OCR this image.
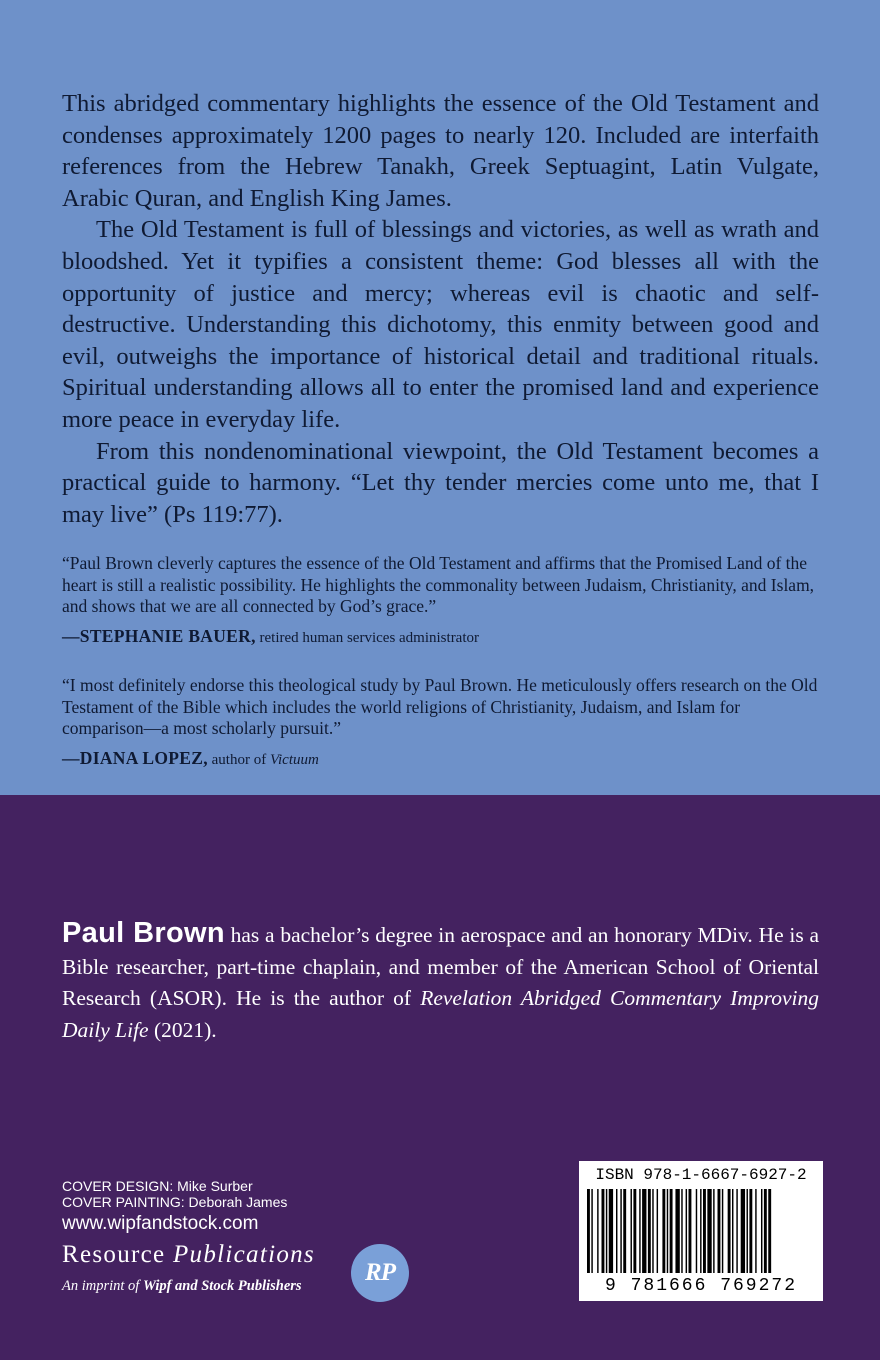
This abridged commentary highlights the essence of the Old Testament and condenses approximately 1200 pages to nearly 120. Included are interfaith references from the Hebrew Tanakh, Greek Septuagint, Latin Vulgate, Arabic Quran, and English King James.

The Old Testament is full of blessings and victories, as well as wrath and bloodshed. Yet it typifies a consistent theme: God blesses all with the opportunity of justice and mercy; whereas evil is chaotic and self-destructive. Understanding this dichotomy, this enmity between good and evil, outweighs the importance of historical detail and traditional rituals. Spiritual understanding allows all to enter the promised land and experience more peace in everyday life.

From this nondenominational viewpoint, the Old Testament becomes a practical guide to harmony. “Let thy tender mercies come unto me, that I may live” (Ps 119:77).

“Paul Brown cleverly captures the essence of the Old Testament and affirms that the Promised Land of the heart is still a realistic possibility. He highlights the commonality between Judaism, Christianity, and Islam, and shows that we are all connected by God’s grace.”

—STEPHANIE BAUER, retired human services administrator

“I most definitely endorse this theological study by Paul Brown. He meticulously offers research on the Old Testament of the Bible which includes the world religions of Christianity, Judaism, and Islam for comparison—a most scholarly pursuit.”

—DIANA LOPEZ, author of Victuum

Paul Brown has a bachelor’s degree in aerospace and an honorary MDiv. He is a Bible researcher, part-time chaplain, and member of the American School of Oriental Research (ASOR). He is the author of Revelation Abridged Commentary Improving Daily Life (2021).

COVER DESIGN: Mike Surber
COVER PAINTING: Deborah James
www.wipfandstock.com
Resource Publications
An imprint of Wipf and Stock Publishers	RP
ISBN 978-1-6667-6927-2
9 781666 769272
